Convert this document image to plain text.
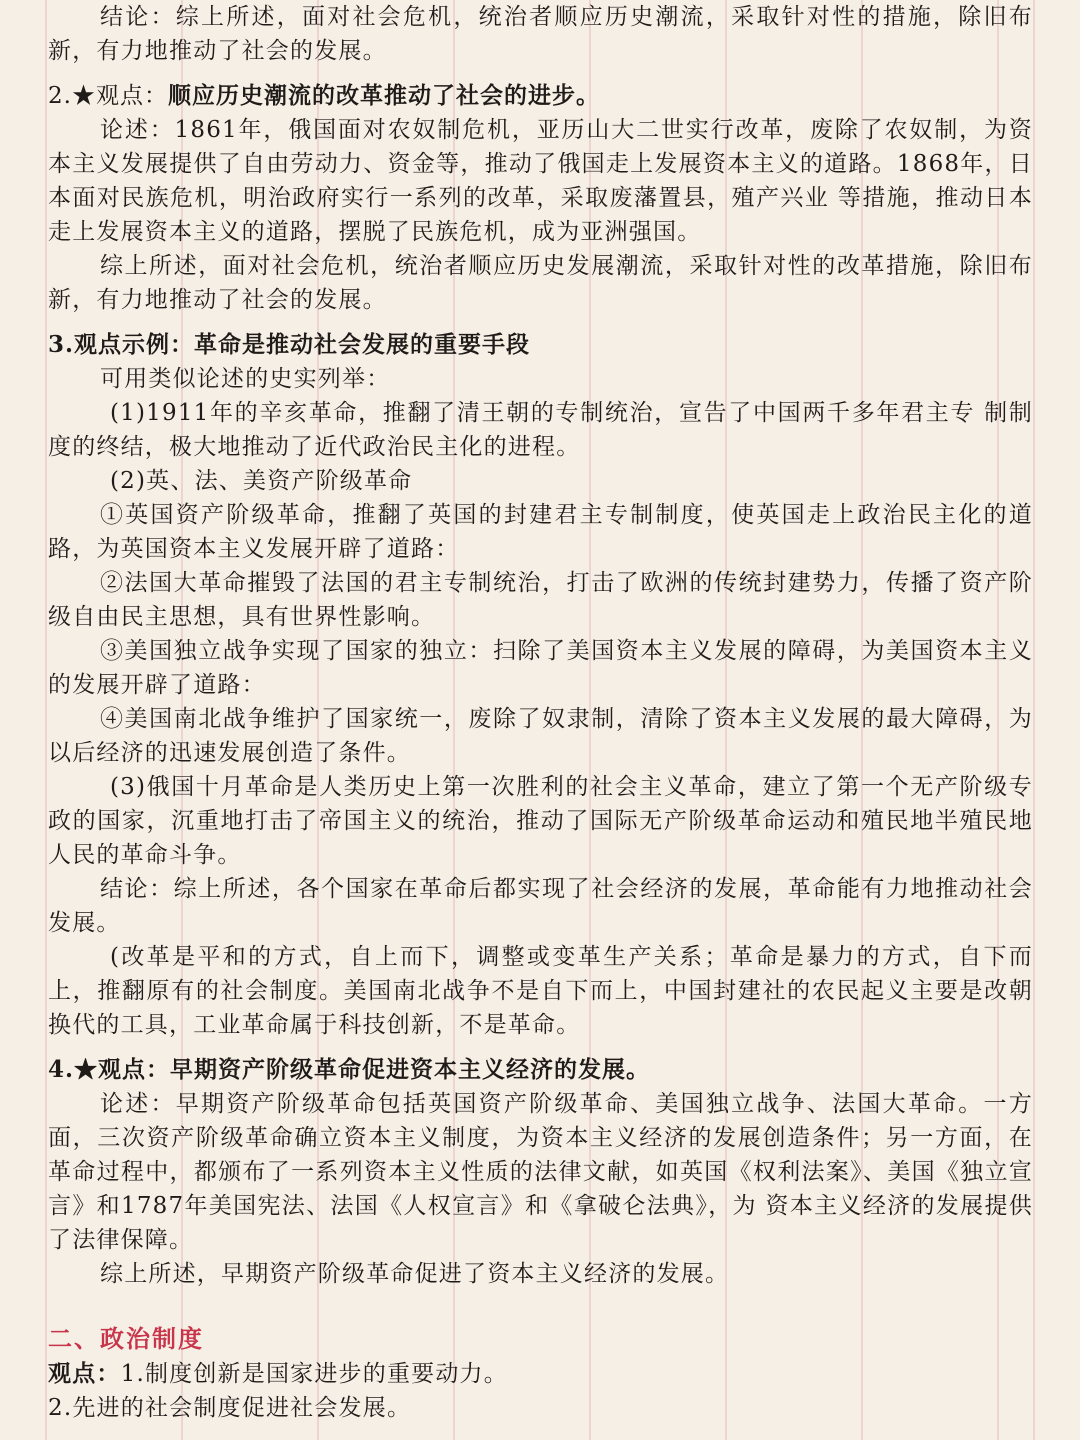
结论：综上所述，面对社会危机，统治者顺应历史潮流，采取针对性的措施，除旧布新，有力地推动了社会的发展。

2.★观点：顺应历史潮流的改革推动了社会的进步。

论述：1861年，俄国面对农奴制危机，亚历山大二世实行改革，废除了农奴制，为资本主义发展提供了自由劳动力、资金等，推动了俄国走上发展资本主义的道路。1868年，日本面对民族危机，明治政府实行一系列的改革，采取废藩置县，殖产兴业 等措施，推动日本走上发展资本主义的道路，摆脱了民族危机，成为亚洲强国。

综上所述，面对社会危机，统治者顺应历史发展潮流，采取针对性的改革措施，除旧布新，有力地推动了社会的发展。

3.观点示例：革命是推动社会发展的重要手段

可用类似论述的史实列举：

(1)1911年的辛亥革命，推翻了清王朝的专制统治，宣告了中国两千多年君主专 制制度的终结，极大地推动了近代政治民主化的进程。

(2)英、法、美资产阶级革命

①英国资产阶级革命，推翻了英国的封建君主专制制度，使英国走上政治民主化的道路，为英国资本主义发展开辟了道路：

②法国大革命摧毁了法国的君主专制统治，打击了欧洲的传统封建势力，传播了资产阶级自由民主思想，具有世界性影响。

③美国独立战争实现了国家的独立：扫除了美国资本主义发展的障碍，为美国资本主义的发展开辟了道路：

④美国南北战争维护了国家统一，废除了奴隶制，清除了资本主义发展的最大障碍，为以后经济的迅速发展创造了条件。

(3)俄国十月革命是人类历史上第一次胜利的社会主义革命，建立了第一个无产阶级专政的国家，沉重地打击了帝国主义的统治，推动了国际无产阶级革命运动和殖民地半殖民地人民的革命斗争。

结论：综上所述，各个国家在革命后都实现了社会经济的发展，革命能有力地推动社会发展。

(改革是平和的方式，自上而下，调整或变革生产关系；革命是暴力的方式，自下而上，推翻原有的社会制度。美国南北战争不是自下而上，中国封建社的农民起义主要是改朝换代的工具，工业革命属于科技创新，不是革命。

4.★观点：早期资产阶级革命促进资本主义经济的发展。

论述：早期资产阶级革命包括英国资产阶级革命、美国独立战争、法国大革命。一方面，三次资产阶级革命确立资本主义制度，为资本主义经济的发展创造条件；另一方面，在革命过程中，都颁布了一系列资本主义性质的法律文献，如英国《权利法案》、美国《独立宣言》和1787年美国宪法、法国《人权宣言》和《拿破仑法典》，为 资本主义经济的发展提供了法律保障。

综上所述，早期资产阶级革命促进了资本主义经济的发展。

二、政治制度

观点：1.制度创新是国家进步的重要动力。

2.先进的社会制度促进社会发展。
